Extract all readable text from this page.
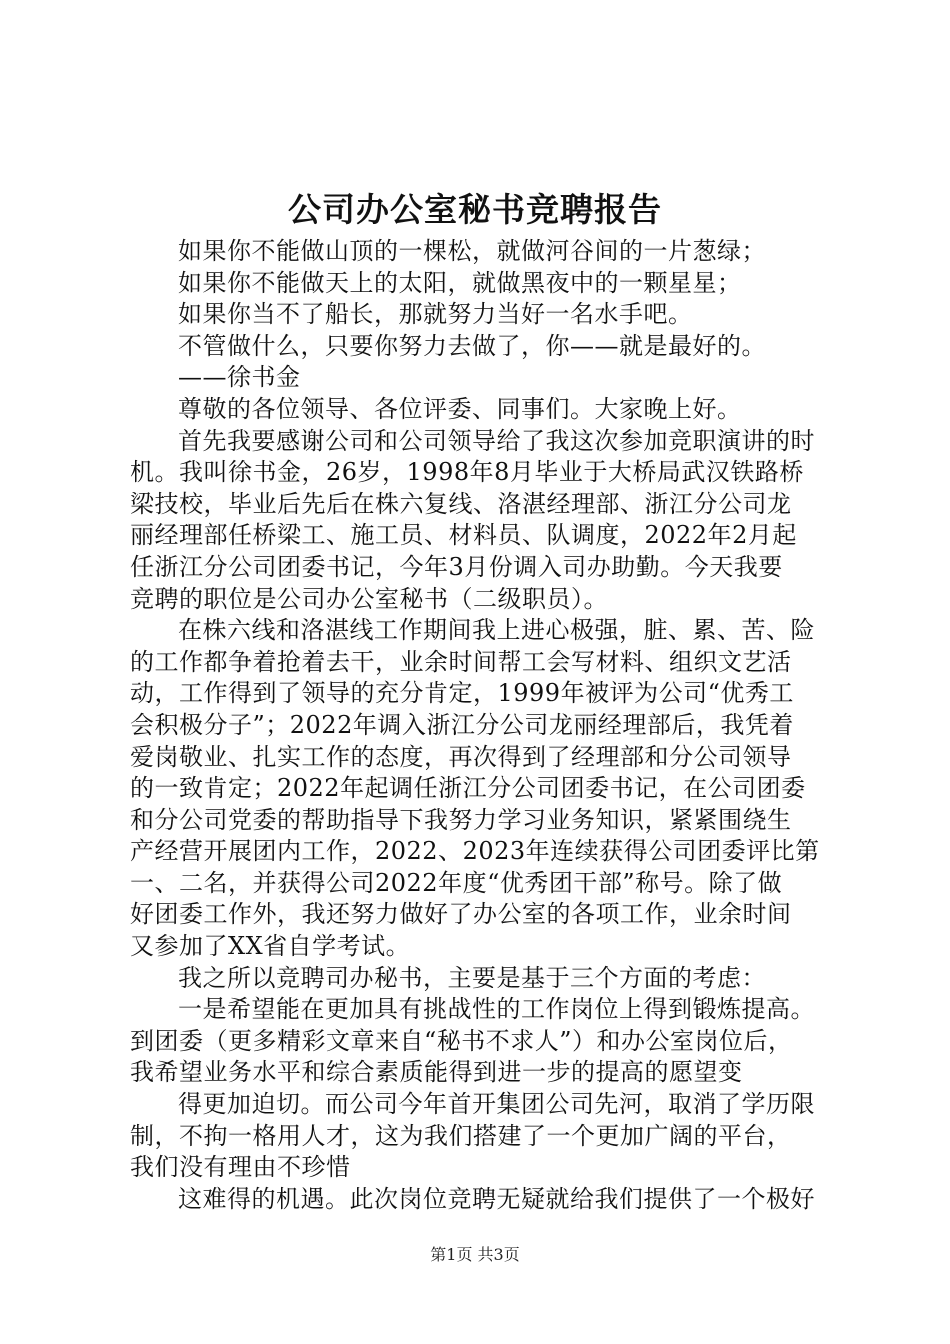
公司办公室秘书竞聘报告
如果你不能做山顶的一棵松，就做河谷间的一片葱绿；
如果你不能做天上的太阳，就做黑夜中的一颗星星；
如果你当不了船长，那就努力当好一名水手吧。
不管做什么，只要你努力去做了，你——就是最好的。
——徐书金
尊敬的各位领导、各位评委、同事们。大家晚上好。
首先我要感谢公司和公司领导给了我这次参加竞职演讲的时
机。我叫徐书金，26岁，1998年8月毕业于大桥局武汉铁路桥
梁技校，毕业后先后在株六复线、洛湛经理部、浙江分公司龙
丽经理部任桥梁工、施工员、材料员、队调度，2022年2月起
任浙江分公司团委书记，今年3月份调入司办助勤。今天我要
竞聘的职位是公司办公室秘书（二级职员）。
在株六线和洛湛线工作期间我上进心极强，脏、累、苦、险
的工作都争着抢着去干，业余时间帮工会写材料、组织文艺活
动，工作得到了领导的充分肯定，1999年被评为公司“优秀工
会积极分子”；2022年调入浙江分公司龙丽经理部后，我凭着
爱岗敬业、扎实工作的态度，再次得到了经理部和分公司领导
的一致肯定；2022年起调任浙江分公司团委书记，在公司团委
和分公司党委的帮助指导下我努力学习业务知识，紧紧围绕生
产经营开展团内工作，2022、2023年连续获得公司团委评比第
一、二名，并获得公司2022年度“优秀团干部”称号。除了做
好团委工作外，我还努力做好了办公室的各项工作，业余时间
又参加了XX省自学考试。
我之所以竞聘司办秘书，主要是基于三个方面的考虑：
一是希望能在更加具有挑战性的工作岗位上得到锻炼提高。
到团委（更多精彩文章来自“秘书不求人”）和办公室岗位后，
我希望业务水平和综合素质能得到进一步的提高的愿望变
得更加迫切。而公司今年首开集团公司先河，取消了学历限
制，不拘一格用人才，这为我们搭建了一个更加广阔的平台，
我们没有理由不珍惜
这难得的机遇。此次岗位竞聘无疑就给我们提供了一个极好
第1页 共3页
